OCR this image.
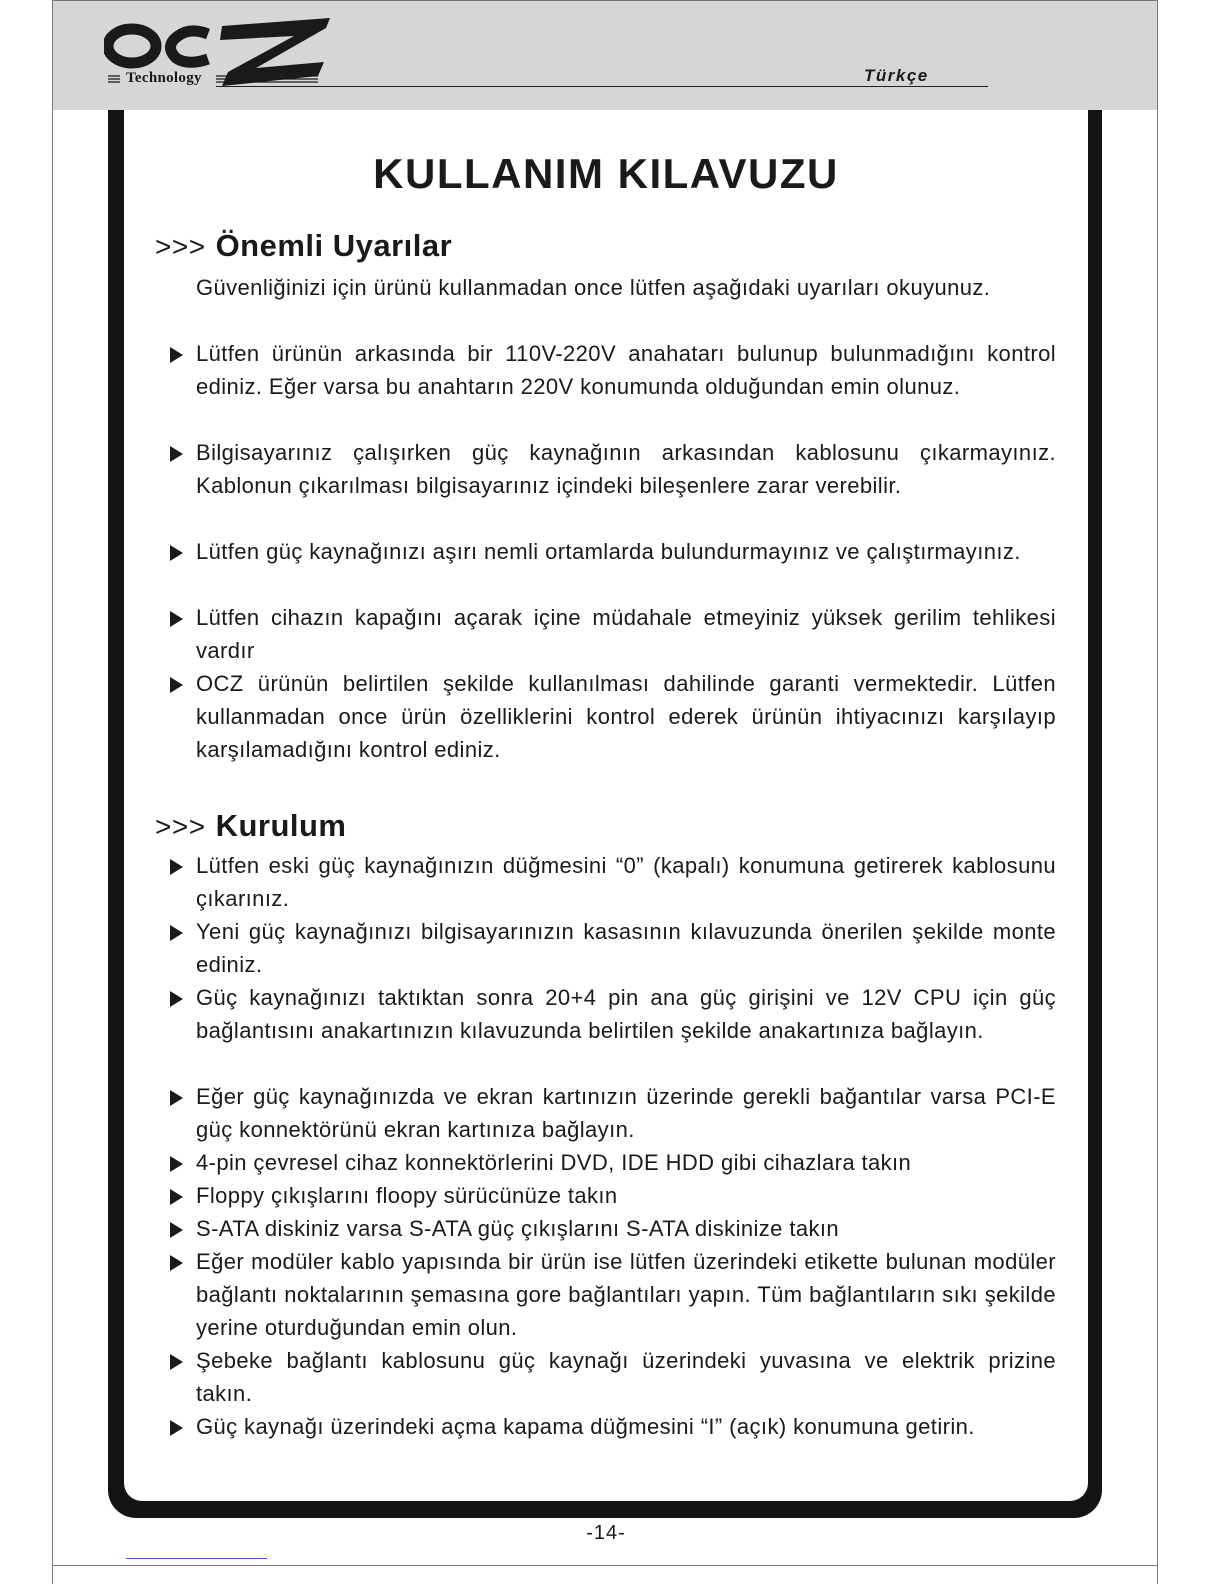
Technology	Türkçe
KULLANIM KILAVUZU
>>> Önemli Uyarılar
Güvenliğinizi için ürünü kullanmadan once lütfen aşağıdaki uyarıları okuyunuz.
Lütfen ürünün arkasında bir 110V-220V anahatarı bulunup bulunmadığını kontrol ediniz. Eğer varsa bu anahtarın 220V konumunda olduğundan emin olunuz.
Bilgisayarınız çalışırken güç kaynağının arkasından kablosunu çıkarmayınız. Kablonun çıkarılması bilgisayarınız içindeki bileşenlere zarar verebilir.
Lütfen güç kaynağınızı aşırı nemli ortamlarda bulundurmayınız ve çalıştırmayınız.
Lütfen cihazın kapağını açarak içine müdahale etmeyiniz yüksek gerilim tehlikesi vardır
OCZ ürünün belirtilen şekilde kullanılması dahilinde garanti vermektedir. Lütfen kullanmadan once ürün özelliklerini kontrol ederek ürünün ihtiyacınızı karşılayıp karşılamadığını kontrol ediniz.
>>> Kurulum
Lütfen eski güç kaynağınızın düğmesini “0” (kapalı) konumuna getirerek kablosunu çıkarınız.
Yeni güç kaynağınızı bilgisayarınızın kasasının kılavuzunda önerilen şekilde monte ediniz.
Güç kaynağınızı taktıktan sonra 20+4 pin ana güç girişini ve 12V CPU için güç bağlantısını anakartınızın kılavuzunda belirtilen şekilde anakartınıza bağlayın.
Eğer güç kaynağınızda ve ekran kartınızın üzerinde gerekli bağantılar varsa PCI-E güç konnektörünü ekran kartınıza bağlayın.
4-pin çevresel cihaz konnektörlerini DVD, IDE HDD gibi cihazlara takın
Floppy çıkışlarını floopy sürücünüze takın
S-ATA diskiniz varsa S-ATA güç çıkışlarını S-ATA diskinize takın
Eğer modüler kablo yapısında bir ürün ise lütfen üzerindeki etikette bulunan modüler bağlantı noktalarının şemasına gore bağlantıları yapın. Tüm bağlantıların sıkı şekilde yerine oturduğundan emin olun.
Şebeke bağlantı kablosunu güç kaynağı üzerindeki yuvasına ve elektrik prizine takın.
Güç kaynağı üzerindeki açma kapama düğmesini “I” (açık) konumuna getirin.
-14-
